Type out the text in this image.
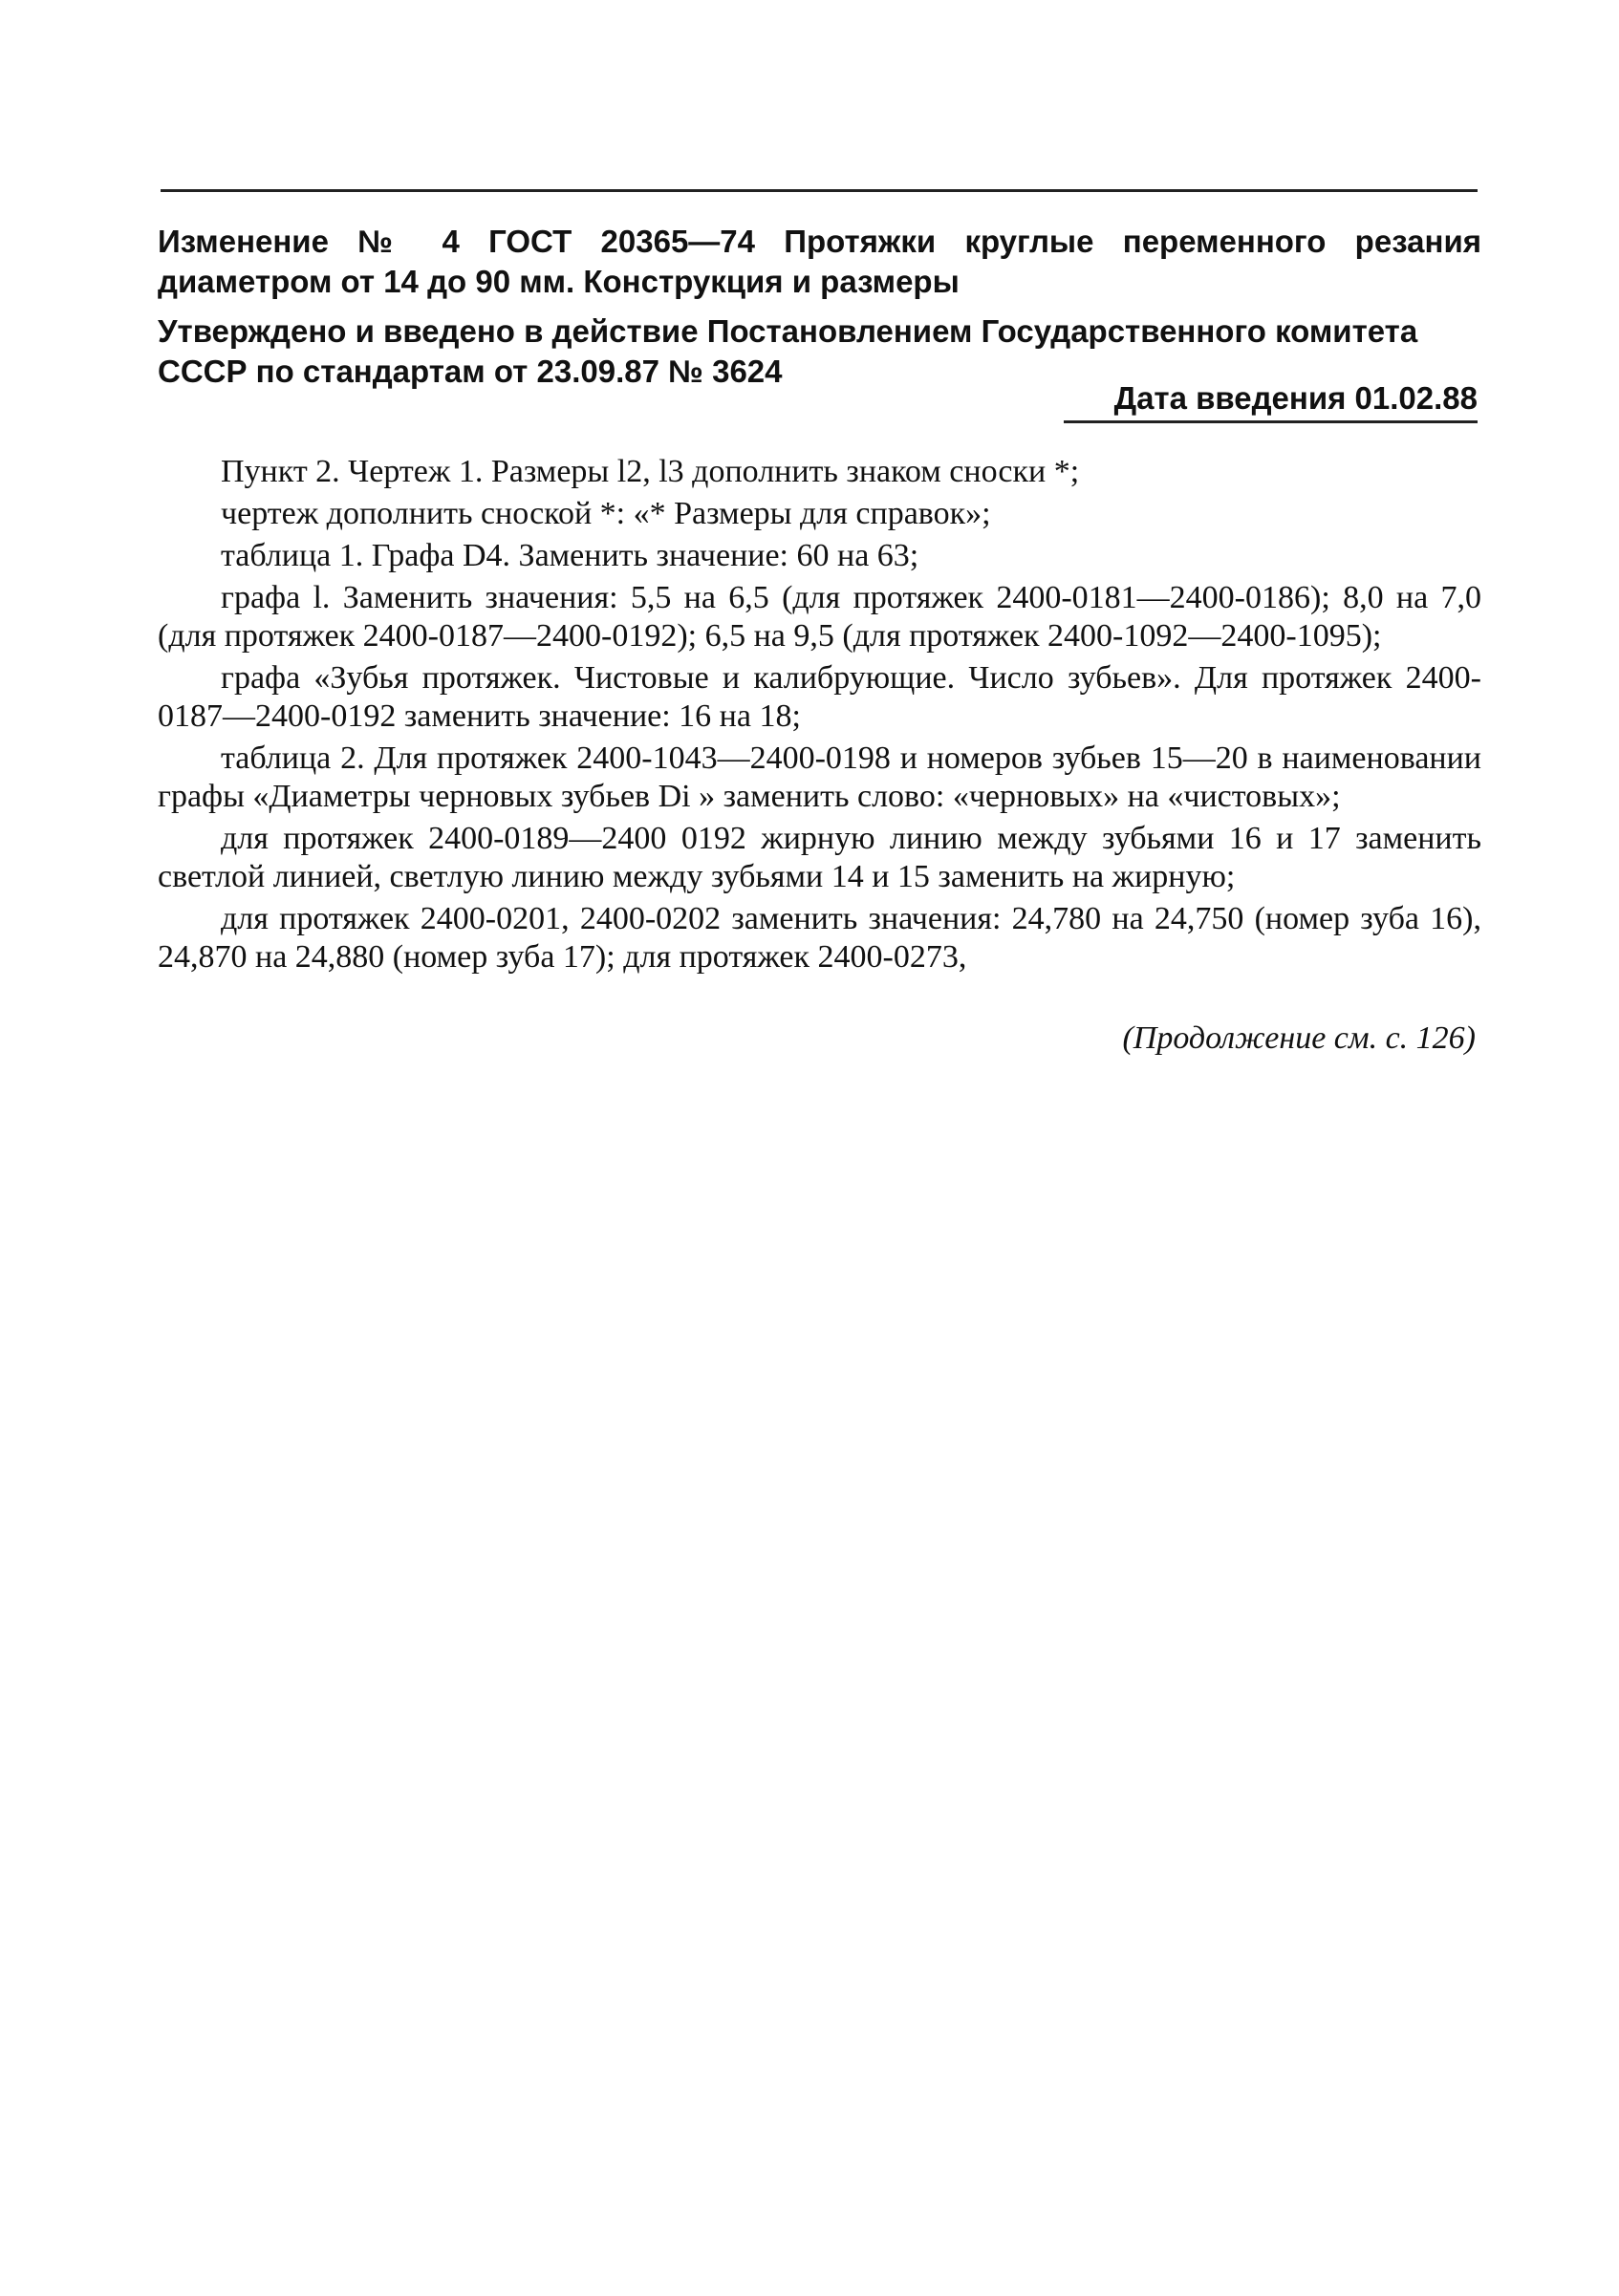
Изменение № 4 ГОСТ 20365—74 Протяжки круглые переменного резания диаметром от 14 до 90 мм. Конструкция и размеры
Утверждено и введено в действие Постановлением Государственного комитета СССР по стандартам от 23.09.87 № 3624
Дата введения 01.02.88

Пункт 2. Чертеж 1. Размеры l2, l3 дополнить знаком сноски *;

чертеж дополнить сноской *: «* Размеры для справок»;

таблица 1. Графа D4. Заменить значение: 60 на 63;

графа l. Заменить значения: 5,5 на 6,5 (для протяжек 2400-0181—2400-0186); 8,0 на 7,0 (для протяжек 2400-0187—2400-0192); 6,5 на 9,5 (для протяжек 2400-1092—2400-1095);

графа «Зубья протяжек. Чистовые и калибрующие. Число зубьев». Для протяжек 2400-0187—2400-0192 заменить значение: 16 на 18;

таблица 2. Для протяжек 2400-1043—2400-0198 и номеров зубьев 15—20 в наименовании графы «Диаметры черновых зубьев Di » заменить слово: «черновых» на «чистовых»;

для протяжек 2400-0189—2400 0192 жирную линию между зубьями 16 и 17 заменить светлой линией, светлую линию между зубьями 14 и 15 заменить на жирную;

для протяжек 2400-0201, 2400-0202 заменить значения: 24,780 на 24,750 (номер зуба 16), 24,870 на 24,880 (номер зуба 17); для протяжек 2400-0273,

(Продолжение см. с. 126)
